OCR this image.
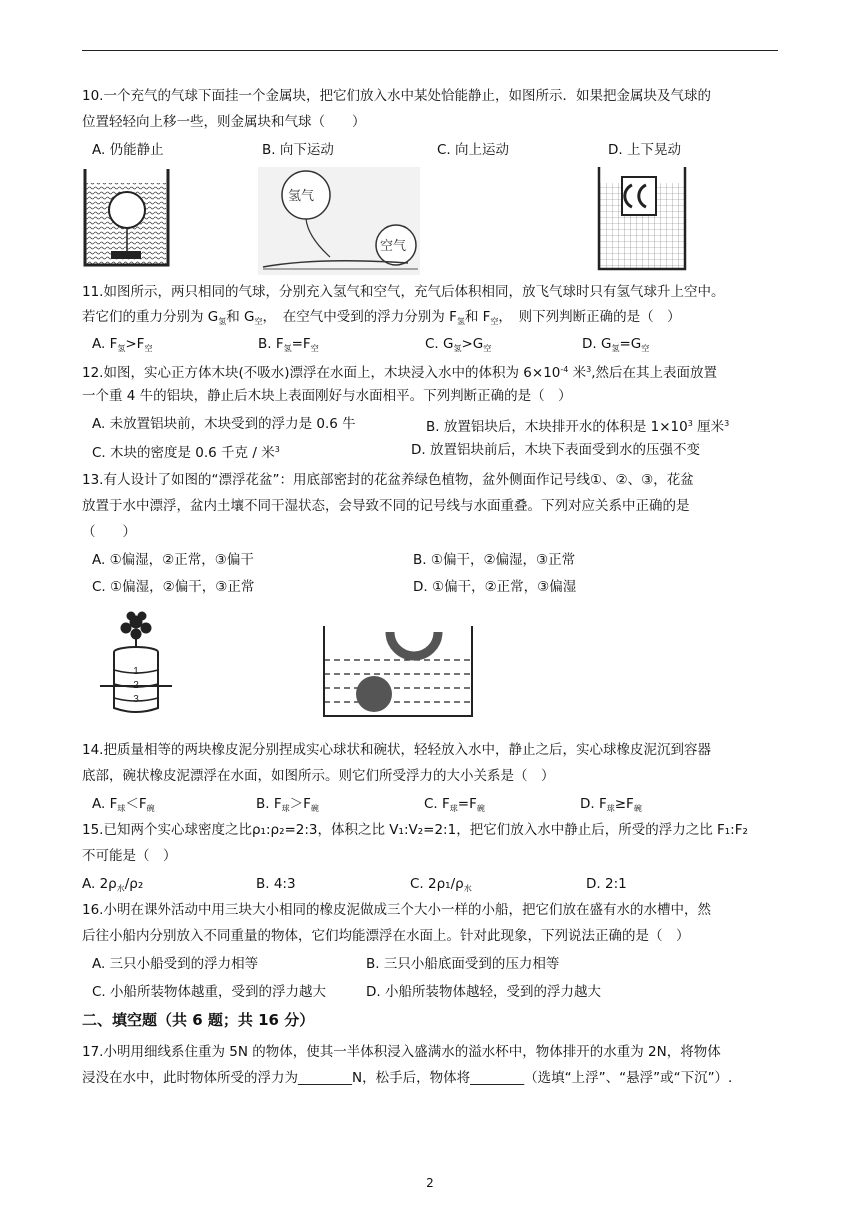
10.一个充气的气球下面挂一个金属块，把它们放入水中某处恰能静止，如图所示．如果把金属块及气球的
位置轻轻向上移一些，则金属块和气球（　　）
A. 仍能静止	B. 向下运动	C. 向上运动	D. 上下晃动
氢气
空气
11.如图所示，两只相同的气球，分别充入氢气和空气，充气后体积相同，放飞气球时只有氢气球升上空中。
若它们的重力分别为 $G_氢$和 $G_空$，　在空气中受到的浮力分别为 $F_氢$和 $F_空$，　则下列判断正确的是（　）
A. $F_氢>F_空$	B. $F_氢=F_空$	C. $G_氢>G_空$	D. $G_氢=G_空$
12.如图，实心正方体木块(不吸水)漂浮在水面上，木块浸入水中的体积为 $6\times 10^{-4}$ 米$^3$,然后在其上表面放置
一个重 4 牛的铝块，静止后木块上表面刚好与水面相平。下列判断正确的是（　）
A. 未放置铝块前，木块受到的浮力是 0.6 牛	B. 放置铝块后，木块排开水的体积是 $1\times 10^3$ 厘米$^3$
C. 木块的密度是 0.6 千克 / 米$^3$	D. 放置铝块前后，木块下表面受到水的压强不变
13.有人设计了如图的“漂浮花盆”：用底部密封的花盆养绿色植物，盆外侧面作记号线①、②、③，花盆
放置于水中漂浮，盆内土壤不同干湿状态，会导致不同的记号线与水面重叠。下列对应关系中正确的是
（　　）
A. ①偏湿，②正常，③偏干	B. ①偏干，②偏湿，③正常
C. ①偏湿，②偏干，③正常	D. ①偏干，②正常，③偏湿
1
2
3
14.把质量相等的两块橡皮泥分别捏成实心球状和碗状，轻轻放入水中，静止之后，实心球橡皮泥沉到容器
底部，碗状橡皮泥漂浮在水面，如图所示。则它们所受浮力的大小关系是（　）
A. $F_球<F_碗$	B. $F_球>F_碗$	C. $F_球=F_碗$	D. $F_球\ge F_碗$
15.已知两个实心球密度之比ρ₁:ρ₂=2:3，体积之比 V₁:V₂=2:1，把它们放入水中静止后，所受的浮力之比 F₁:F₂
不可能是（　）
A. $2\rho_水/\rho_2$	B. 4:3	C. $2\rho_1/\rho_水$	D. 2:1
16.小明在课外活动中用三块大小相同的橡皮泥做成三个大小一样的小船，把它们放在盛有水的水槽中，然
后往小船内分别放入不同重量的物体，它们均能漂浮在水面上。针对此现象，下列说法正确的是（　）
A. 三只小船受到的浮力相等	B. 三只小船底面受到的压力相等
C. 小船所装物体越重，受到的浮力越大	D. 小船所装物体越轻，受到的浮力越大
二、填空题（共 6 题；共 16 分）
17.小明用细线系住重为 5N 的物体，使其一半体积浸入盛满水的溢水杯中，物体排开的水重为 2N，将物体
浸没在水中，此时物体所受的浮力为________N，松手后，物体将________（选填“上浮”、“悬浮”或“下沉”）.
2
